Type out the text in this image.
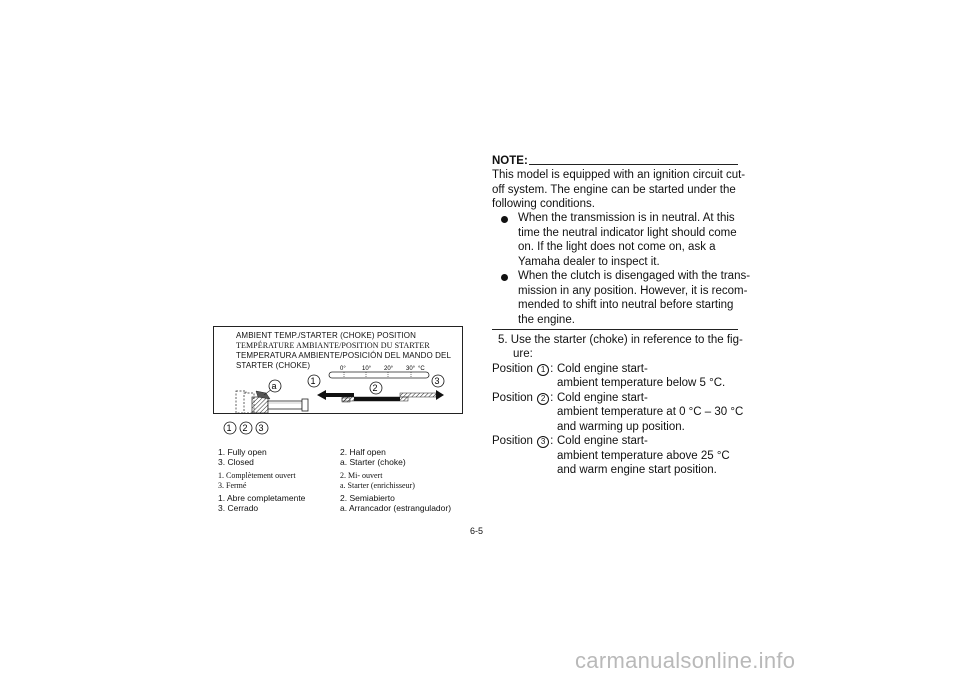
AMBIENT TEMP./STARTER (CHOKE) POSITION
TEMPÉRATURE AMBIANTE/POSITION DU STARTER
TEMPERATURA AMBIENTE/POSICIÓN DEL MANDO DEL
STARTER (CHOKE)	0°	10° 20° 30° °C
1
2
3
a
1 2 3
1. Fully open	2. Half open
3. Closed	a. Starter (choke)
1. Complètement ouvert	2. Mi- ouvert
3. Fermé	a. Starter (enrichisseur)
1. Abre completamente	2. Semiabierto
3. Cerrado	a. Arrancador (estrangulador)
NOTE:
This model is equipped with an ignition circuit cut-
off system. The engine can be started under the
following conditions.
When the transmission is in neutral. At this
time the neutral indicator light should come
on. If the light does not come on, ask a
Yamaha dealer to inspect it.
When the clutch is disengaged with the trans-
mission in any position. However, it is recom-
mended to shift into neutral before starting
the engine.
5. Use the starter (choke) in reference to the fig-
ure:
Position 1 : Cold engine start-
ambient temperature below 5 °C.
Position 2 : Cold engine start-
ambient temperature at 0 °C – 30 °C
and warming up position.
Position 3 : Cold engine start-
ambient temperature above 25 °C
and warm engine start position.
6-5
carmanualsonline.info
